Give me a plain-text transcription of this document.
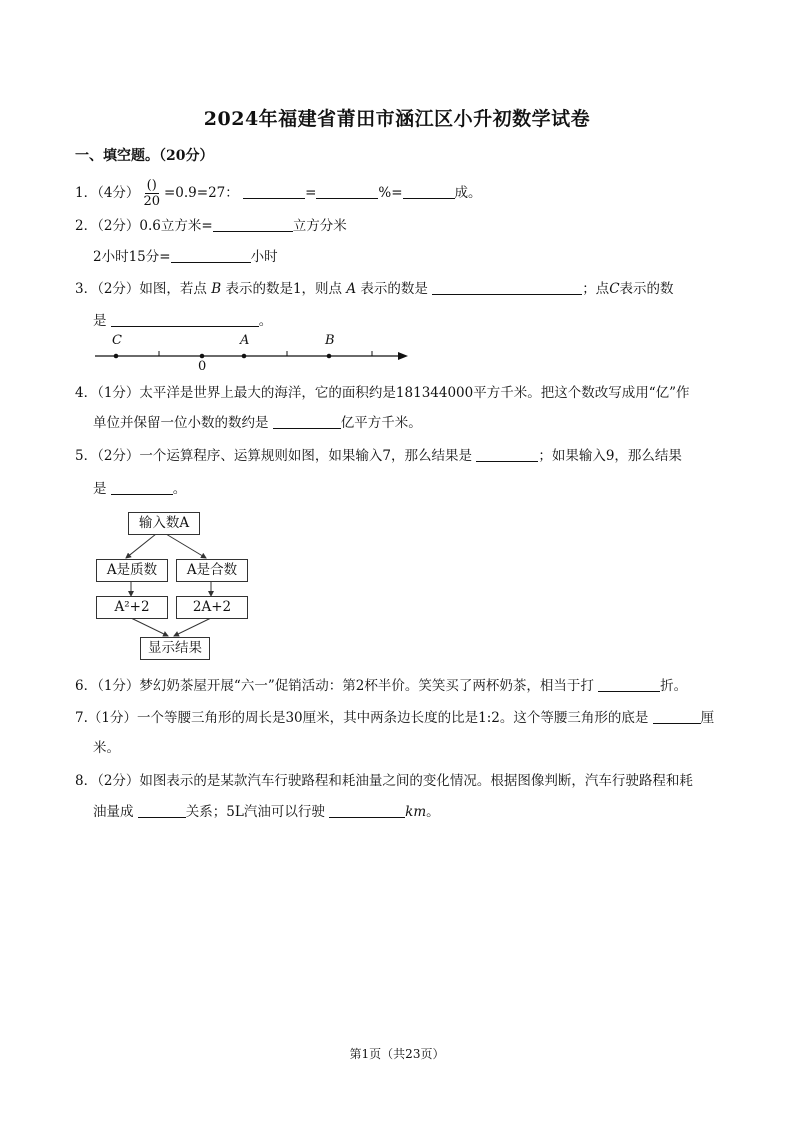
2024年福建省莆田市涵江区小升初数学试卷
一、填空题。（20分）
1．（4分） $\frac{()}{20} =0.9=27$：	=	%=	成。
2．（2分）0.6立方米=	立方分米
2小时15分=	小时
3．（2分）如图，若点 B 表示的数是1，则点 A 表示的数是	；点C表示的数
是	。
C	A	B
0
4．（1分）太平洋是世界上最大的海洋，它的面积约是181344000平方千米。把这个数改写成用“亿”作
单位并保留一位小数的数约是	亿平方千米。
5．（2分）一个运算程序、运算规则如图，如果输入7，那么结果是	；如果输入9，那么结果
是	。
输入数A
A是质数	A是合数
A²+2	2A+2
显示结果
6．（1分）梦幻奶茶屋开展“六一”促销活动：第2杯半价。笑笑买了两杯奶茶，相当于打	折。
7.（1分）一个等腰三角形的周长是30厘米，其中两条边长度的比是1:2。这个等腰三角形的底是	厘
米。
8．（2分）如图表示的是某款汽车行驶路程和耗油量之间的变化情况。根据图像判断，汽车行驶路程和耗
油量成	关系；5L汽油可以行驶	km。
第1页（共23页）
